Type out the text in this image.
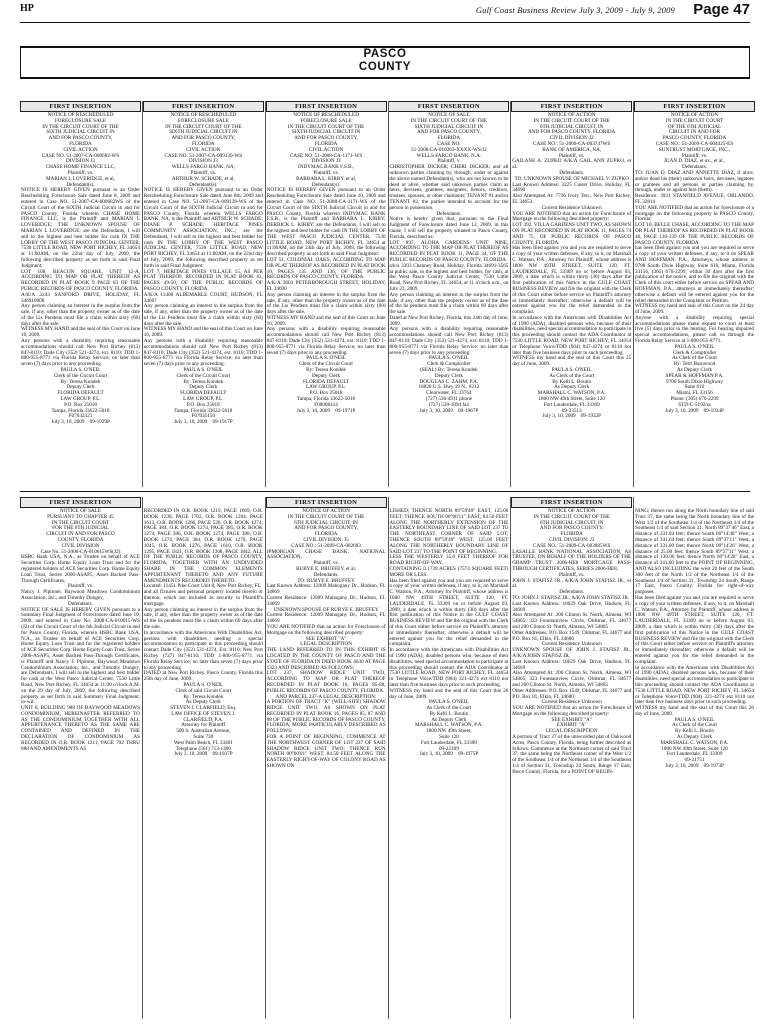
HP	Gulf Coast Business Review July 3, 2009 - July 9, 2009 Page 47
PASCO
COUNTY
FIRST INSERTION
NOTICE OF RESCHEDULED
FORECLOSURE SALE
IN THE CIRCUIT COURT OF THE
SIXTH JUDICIAL CIRCUIT IN
AND FOR PASCO COUNTY,
FLORIDA
CIVIL ACTION
CASE NO. 51-2007-CA-000682-WS
DIVISION J3
CHASE HOME FINANCE LLC,
Plaintiff, vs.
MARIAN L LOVERIDGE, et al,
Defendant(s).
NOTICE IS HEREBY GIVEN pursuant to an Order Rescheduling Foreclosure Sale dated June 8, 2009 and entered in Case NO. 51-2007-CA-000682WS of the Circuit Court of the SIXTH Judicial Circuit in and for PASCO County, Florida wherein CHASE HOME FINANCE LLC, is the Plaintiff and MARIAN L LOVERIDGE; THE UNKNOWN SPOUSE OF MARIAN L LOVERIDGE; are the Defendants, I will sell to the highest and best bidder for cash IN THE LOBBY OF THE WEST PASCO JUDICIAL CENTER, 7530 LITTLE ROAD, NEW PORT RICHEY, FL 34654 at 11:00AM, on the 22nd day of July, 2009, the following described property as set forth in said Final Judgment:
LOT 108, BEACON SQUARE, UNIT 12-A, ACCORDING TO MAP OR PLAT THEREOF AS RECORDED IN PLAT BOOK 9 PAGE 63 OF THE PUBLIC RECORDS OF PASCO COUNTY, FLORIDA.
A/K/A 3243 SANFORD DRIVE, HOLIDAY, FL 346910000
Any person claiming an interest in the surplus from the sale, if any, other than the property owner as of the date of the Lis Pendens must file a claim within sixty (60) days after the sale.
WITNESS MY HAND and the seal of this Court on June 10, 2009.
Any persons with a disability requiring reasonable accommodations should call New Port Richey (813) 847-8110; Dade City (352) 521-4274, ext. 8110; TDD 1-800-955-8771 via Florida Relay Service; no later than seven (7) days prior to any proceeding.
PAULA S. O'NEIL
Clerk of the Circuit Court
By: Teresa Kondek
Deputy Clerk
FLORIDA DEFAULT
LAW GROUP, P.L.
P.O. Box 25018
Tampa, Florida 33622-5018
F07032321
July 3, 10, 2009    09-1929P
FIRST INSERTION
NOTICE OF RESCHEDULED
FORECLOSURE SALE
IN THE CIRCUIT COURT OF THE
SIXTH JUDICIAL CIRCUIT IN
AND FOR PASCO COUNTY,
FLORIDA
CIVIL ACTION
CASE NO. 51-2007-CA-009139-WS
DIVISION J3
WELLS FARGO BANK, NA,
Plaintiff, vs.
ARTHUR W. SCHADE, et al,
Defendant(s).
NOTICE IS HEREBY GIVEN pursuant to an Order Rescheduling Foreclosure Sale dated June 8th, 2009 and entered in Case NO. 51-2007-CA-009139-WS of the Circuit Court of the SIXTH Judicial Circuit in and for PASCO County, Florida wherein WELLS FARGO BANK, NA, is the Plaintiff and ARTHUR W. SCHADE; DIANE P. SCHADE; HERITAGE PINES COMMUNITY ASSOCIATION, INC.; are the Defendants, I will sell to the highest and best bidder for cash IN THE LOBBY OF THE WEST PASCO JUDICIAL CENTER, 7530 LITTLE ROAD, NEW PORT RICHEY, FL 34654 at 11:00AM, on the 22nd day of July, 2009, the following described property as set forth in said Final Judgment:
LOT 7, HERITAGE PINES VILLAGE 15, AS PER PLAT THEREOF, RECORDED IN PLAT BOOK 43, PAGES 49-50, OF THE PUBLIC RECORDS OF PASCO COUNTY, FLORIDA.
A/K/A 11408 ALBEMARLE COURT, HUDSON, FL 34667
Any person claiming an interest in the surplus from the sale, if any, other than the property owner as of the date of the Lis Pendens must file a claim within sixty (60) days after the sale.
WITNESS MY HAND and the seal of this Court on June 10, 2009.
Any persons with a disability requiring reasonable accommodations should call New Port Richey (813) 847-8110; Dade City (352) 521-4274, ext. 8110; TDD 1-800-955-8771 via Florida Relay Service; no later than seven (7) days prior to any proceeding.
PAULA S. O'NEIL
Clerk of the Circuit Court
By: Teresa Kondek
Deputy Clerk
FLORIDA DEFAULT
LAW GROUP, P.L.
P.O. Box 25018
Tampa, Florida 33622-5018
F07035150
July 3, 10, 2009    09-1917P
FIRST INSERTION
NOTICE OF RESCHEDULED
FORECLOSURE SALE
IN THE CIRCUIT COURT OF THE
SIXTH JUDICIAL CIRCUIT IN
AND FOR PASCO COUNTY,
FLORIDA
CIVIL ACTION
CASE NO. 51-2008-CA-1171-WS
DIVISION J3
INDYMAC BANK F.S.B.,
Plaintiff, vs.
BARBARA L. KIRBY, et al,
Defendant(s).
NOTICE IS HEREBY GIVEN pursuant to an Order Rescheduling Foreclosure Sale dated June 10, 2009 and entered in Case NO. 51-2008-CA-1171-WS of the Circuit Court of the SIXTH Judicial Circuit in and for PASCO County, Florida wherein INDYMAC BANK F.S.B., is the Plaintiff and BARBARA L. KIRBY; DERRICK L. KIRBY; are the Defendants, I will sell to the highest and best bidder for cash IN THE LOBBY OF THE WEST PASCO JUDICIAL CENTER, 7530 LITTLE ROAD, NEW PORT RICHEY, FL 34654 at 11:00AM, on the 24th day of July, 2009, the following described property as set forth in said Final Judgment:
LOT 51, COLONIAL OAKS, ACCORDING TO MAP OR PLAT THEREOF AS RECORDED IN PLAT BOOK 10, PAGES 135 AND 136, OF THE PUBLIC RECORDS OF PASCO COUNTY, FLORIDA.
A/K/A 3603 PETERBOROUGH STREET, HOLIDAY, FL 34690
Any person claiming an interest in the surplus from the sale, if any, other than the property owner as of the date of the Lis Pendens must file a claim within sixty (60) days after the sale.
WITNESS MY HAND and the seal of this Court on June 16, 2009.
Any persons with a disability requiring reasonable accommodations should call New Port Richey (813) 847-8110; Dade City (352) 521-4274, ext. 8110; TDD 1-800-955-8771 via Florida Relay Service; no later than seven (7) days prior to any proceeding.
PAULA S. O'NEIL
Clerk of the Circuit Court
By: Teresa Kondek
Deputy Clerk
FLORIDA DEFAULT
LAW GROUP, P.L.
P.O. Box 25018
Tampa, Florida 33622-5018
F08008414
July 3, 10, 2009    09-1971P
FIRST INSERTION
NOTICE OF SALE
IN THE CIRCUIT COURT OF THE
SIXTH JUDICIAL CIRCUIT IN
AND FOR PASCO COUNTY,
FLORIDA
CASE NO.
51-2008-CA-010263-XXXX-WS/J2
WELLS FARGO BANK, N.A.
Plaintiff, v.
CHRISTOPHER DICKER; CHERI DICKER; and all unknown parties claiming by, through, under or against the above named Defendant(s), who are not known to be dead or alive, whether said unknown parties claim as heirs, devisees, grantees, assignees, lienors, creditors, trustees, spouses, or other claimants; TENANT #1 and/or TENANT #2, the parties intended to account for the person in possession.
Defendants.
Notice is hereby given that, pursuant to the Final Judgment of Foreclosure dated June 12, 2009, in this cause, I will sell the property situated in Pasco County, Florida, described as:
LOT 897, ALOHA GARDENS UNIT NINE, ACCORDING TO THE MAP OR PLAT THEREOF AS RECORDED IN PLAT BOOK 11, PAGE 34, OF THE PUBLIC RECORDS OF PASCO COUNTY, FLORIDA.
a/k/a 3303 Channey Road, Holiday, Florida 34691-3565 at public sale, to the highest and best bidder, for cash, at the West Pasco County Judicial Center, 7530 Little Road, New Port Richey, FL 34654, at 11 o'clock a.m., on July 23, 2009.
Any person claiming an interest in the surplus from the sale, if any, other than the property owner as of the date of the lis pendens must file a claim within 60 days after the sale.
Dated at New Port Richey, Florida, this 24th day of June, 2009.
Any persons with a disability requiring reasonable accommodations should call New Port Richey (813) 847-8110; Dade City (352) 521-4274, ext. 8110; TDD 1-800-955-8771 via Florida Relay Service; no later than seven (7) days prior to any proceeding.
PAULA S. O'NEIL
Clerk & Comptroller
(SEAL) By: Teresa Kondek
Deputy Clerk
DOUGLAS C. ZAHM, P.A.
18820 U.S. Hwy 19 N., #212
Clearwater, FL 33764
(727) 536-4911 phone
(727) 539-1094 fax
July 3, 10, 2009    09-1967P
FIRST INSERTION
NOTICE OF ACTION
IN THE CIRCUIT COURT OF THE
6TH JUDICIAL CIRCUIT, IN
AND FOR PASCO COUNTY, FLORIDA
CIVIL DIVISION J2
CASE NO.: 51-2009-CA-003747WS
BANK OF AMERICA, NA,
Plaintiff, vs.
GAILANE A. ZUPKO A/K/A GAIL ANN ZUPKO, et al.
Defendants.
TO: UNKNOWN SPOUSE OF MICHAEL V. ZUPKO
Last Known Address: 3225 Custer Drive, Holiday, FL 34690
Also Attempted At: 7736 Ivory Terr., New Port Richey, FL 34653
Current Residence Unknown
YOU ARE NOTIFIED that an action for Foreclosure of Mortgage on the following described property:
LOT 392, VILLA GARDENS UNIT TWO, AS SHOWN ON PLAT RECORDED IN PLAT BOOK 11, PAGES 74 AND 75, OF PUBLIC RECORDS OF PASCO COUNTY, FLORIDA.
Has been filed against you and you are required to serve a copy of your written defenses, if any, to it, on Marshall C. Watson, P.A., Attorney for Plaintiff, whose address is 1800 NW 49TH STREET, SUITE 120, FT. LAUDERDALE, FL 33309 on or before August 03, 2009, a date which is within thirty (30) days after the first publication of this Notice in the GULF COAST BUSINESS REVIEW and file the original with the Clerk of this Court either before service on Plaintiff's attorney or immediately thereafter; otherwise a default will be entered against you for the relief demanded in the complaint.
In accordance with the Americans with Disabilities Act of 1990 (ADA), disabled persons who, because of their disabilities, need special accommodation to participate in this proceeding should contact the ADA Coordinator at 7530 LITTLE ROAD, NEW PORT RICHEY, FL 34654 or Telephone Voice/TDD (904) 847-4274 or 8110 not later than five business days prior to such proceeding.
WITNESS my hand and the seal of this Court this 25 day of June, 2009.
PAULA S. O'NEIL
As Clerk of the Court
By Kelli L. Boutin
As Deputy Clerk
MARSHALL C. WATSON, P.A.
1800 NW 49th Street, Suite 120
Fort Lauderdale, FL 33309
09-23513
July 3, 10, 2009    09-1932P
FIRST INSERTION
NOTICE OF ACTION
IN THE CIRCUIT COURT
OF THE 6TH JUDICIAL
CIRCUIT IN AND FOR
PASCO COUNTY, FLORIDA
CASE NO.: 51-2009-CA-004425-ES
SUNTRUST MORTGAGE, INC.,
Plaintiff, vs.
JUAN D. DIAZ, et ux., et al.,
Defendants.
TO: JUAN D. DIAZ AND ANNETTE DIAZ, if alive, and/or dead his (their) unknown heirs, devisees, legatees or grantees and all persons or parties claiming by, through, under or against him (them).
Residence: 3931 STANFIELD AVENUE, ORLANDO, FL 32814
YOU ARE NOTIFIED that an action for foreclosure of a mortgage on the following property in PASCO County, Florida:
LOT 10, BELLE CHASE, ACCORDING TO THE MAP OR PLAT THEREOF AS RECORDED IN PLAT BOOK 46, PAGE 136-139 OF THE PUBLIC RECORDS OF PASCO COUNTY, FLORIDA.
has been filed against you and you are required to serve a copy of your written defenses, if any, to it on SPEAR AND HOFFMAN, P.A., Attorneys, whose address is 9700 South Dixie Highway, Suite 610, Miami, Florida 33156, (305) 670-2299, within 30 days after the first publication of the notice, and to file the original with the Clerk of this court either before service on SPEAR AND HOFFMAN, P.A., attorneys or immediately thereafter; otherwise a default will be entered against you for the relief demanded in the Complaint or Petition.
WITNESS my hand and seal of this Court on the 24 day of June, 2009.
Anyone with a disability requiring special accommodations please make request to court at least five (5) days prior to the hearing. For hearing impaired special accommodations, please call us through the Florida Relay Service at 1-800-955-8771.
PAULA S. O'NEIL
Clerk & Comptroller
As Clerk of the Court
By: Terri Barnwood
As Deputy Clerk
SPEAR & HOFFMAN P.A.
9700 South Dixie Highway
Suite 610
Miami, FL 33156
Phone: (305) 670-2299
STD-C-5192/ss
July 3, 10, 2009    09-1934P
FIRST INSERTION
NOTICE OF SALE
PURSUANT TO CHAPTER 45
IN THE CIRCUIT COURT
FOR THE 6TH JUDICIAL
CIRCUIT IN AND FOR PASCO
COUNTY, FLORIDA
CIVIL DIVISION
Case No. 51-2008-CA-010615WS(J2)
HSBC Bank USA, N.A., as Trustee on behalf of ACE Securities Corp. Home Equity Loan Trust and for the registered holders of ACE Securities Corp. Home Equity Loan Trust, Series 2006-ASAP5, Asset Backed Pass-Through Certificates,
Plaintiff, vs.
Nancy J. Pipitone, Baywood Meadows Condominium Association, Inc., and Timothy Dungey,
Defendants.
NOTICE OF SALE IS HEREBY GIVEN pursuant to a Summary Final Judgment of Foreclosure dated June 10, 2009, and entered in Case No. 2008-CA-010615-WS (J2) of the Circuit Court of the 6th Judicial Circuit in and for Pasco County, Florida, wherein HSBC Bank USA, N.A., as Trustee on behalf of ACE Securities Corp. Home Equity Loan Trust and for the registered holders of ACE Securities Corp. Home Equity Loan Trust, Series 2006-ASAP5, Asset Backed Pass-Through Certificates, is Plaintiff and Nancy J. Pipitone, Baywood Meadows Condominium Association, Inc., and Timothy Dungey, are Defendants, I will sell to the highest and best bidder for cash at the West Pasco Judicial Center, 7530 Little Road, New Port Richey, FL 34654 at 11:00 o'clock A.M. on the 29 day of July, 2009, the following described property as set forth in said Summary Final Judgment, to-wit:
UNIT 8, BUILDING 988 OF BAYWOOD MEADOWS CONDOMINIUM, HEREINAFTER REFERRED TO AS THE CONDOMINIUM TOGETHER WITH ALL APPURTENANCE THERETO AS THE SAME ARE CONTAINED AND DEFINED IN THE DECLARATION OF CONDOMINIUM AS RECORDED IN O.R. BOOK 1211, PAGE 792 THRU 888 AND AMENDMENTS AS
RECORDED IN O.R. BOOK 1219, PAGE 1669, O.R. BOOK 1238, PAGE 1702, O.R. BOOK 1264, PAGE 1613, O.R. BOOK 1266, PAGE 526, O.R. BOOK 1274, PAGE 384, O.R. BOOK 1274, PAGE 385, O.R. BOOK 1274, PAGE 386, O.R. BOOK 1274, PAGE 388, O.R. BOOK 1274, PAGE 384, O.R. BOOK 1276, PAGE 1045, O.R. BOOK 1276, PAGE 1610, O.R. BOOK 1295, PAGE 1821, O.R. BOOK 1308, PAGE 1842, ALL OF THE PUBLIC RECORDS OF PASCO COUNTY, FLORIDA, TOGETHER WITH AN UNDIVIDED SHARE IN THE COMMON ELEMENTS APPURTENANT THERETO AND ANY FUTURE AMENDMENTS RECORDED THERETO.
Located: 11451 Pike Court Unit 8, New Port Richey, FL
and all fixtures and personal property located therein or thereon, which are included as security in Plaintiff's mortgage.
Any person claiming an interest in the surplus from the sale, if any, other than the property owner as of the date of the lis pendens must file a claim within 60 days after the sale.
In accordance with the Americans With Disabilities Act, persons with disabilities needing a special accommodation to participate in this proceeding should contact Dade City (352) 521-4274, Ext. 8110; New Port Richey (727) 847-8110; TDD 1-800-955-8771 via Florida Relay Service; no later than seven (7) days prior to any proceeding.
DATED at New Port Richey, Pasco County, Florida this 25th day of June, 2009.
PAULA S. O'NEIL
Clerk of said Circuit Court
By: Teresa Kondek
As Deputy Clerk
STEVEN J. CLARFIELD, Esq.
LAW OFFICE OF STEVEN J.
CLARFIELD, P.A.
Attorney for Plaintiff
500 S. Australian Avenue,
Suite 730
West Palm Beach, FL 33401
Telephone (561) 713-1400
July 3, 10, 2009    09-1937P
FIRST INSERTION
NOTICE OF ACTION
IN THE CIRCUIT COURT OF THE
6TH JUDICIAL CIRCUIT, IN
AND FOR PASCO COUNTY,
FLORIDA
CIVIL DIVISION: J5
CASE NO.: 51-2009-CA-002683
JPMORGAN CHASE BANK, NATIONAL ASSOCIATION,
Plaintiff, vs.
RUBYE E. BRUFFEY, et al.
Defendants.
TO: RUBYE E. BRUFFEY
Last Known Address: 12009 Mahogany Dr., Hudson, FL 34669
Current Residence: 12009 Mahogany Dr., Hudson, FL 34669
UNKNOWN SPOUSE OF RUBYE E. BRUFFEY
Current Residence: 12009 Mahogany Dr., Hudson, FL 34669
YOU ARE NOTIFIED that an action for Foreclosure of Mortgage on the following described property:
SEE EXHIBIT "A"
LEGAL DESCRIPTION
THE LAND REFERRED TO IN THIS EXHIBIT IS LOCATED IN THE COUNTY OF PASCO AND THE STATE OF FLORIDA IN DEED BOOK 4630 AT PAGE 1323 AND DESCRIBED AS FOLLOWS:
LOT 237, SHADOW RIDGE UNIT TWO, ACCORDING TO MAP OR PLAT THEREOF RECORDED IN PLAT BOOK 16, PAGES 85-88, PUBLIC RECORDS OF PASCO COUNTY, FLORIDA.
AND PARCEL 237-A LEGAL DESCRIPTION:
A PORTION OF TRACT "K" (WILL-SITE) SHADOW RIDGE UNIT TWO, AS SHOWN ON PLAT RECORDED IN PLAT BOOK 16, PAGES 85, 87 AND 88 OF THE PUBLIC RECORDS OF PASCO COUNTY, FLORIDA, MORE PARTICULARLY DESCRIBED AS FOLLOWS:
FOR A POINT OF BEGINNING, COMMENCE AT THE NORTHWEST CORNER OF LOT 237 OF SAID SHADOW RIDGE UNIT TWO; THENCE RUN NORTH 00°00'01" WEST, 84.50 FEET ALONG THE EASTERLY RIGHT-OF-WAY OF COLONY ROAD AS SHOWN ON
LISHED; THENCE NORTH 89°59'49" EAST, 125.00 FEET; THENCE SOUTH 00°00'11" EAST, 84.50 FEET ALONG THE NORTHERLY EXTENSION OF THE EASTERLY BOUNDARY LINE OF SAID LOT 237 TO THE NORTHEAST CORNER OF SAID LOT; THENCE SOUTH 89°59'49" WEST, 125.00 FEET ALONG THE NORTHERLY BOUNDARY LINE OF SAID LOT 237 TO THE POINT OF BEGINNING.
LESS THE WESTERLY 35.0 FEET THEREOF FOR ROAD RIGHT-OF-WAY.
CONTAINING 0.1739 ACRES (7574 SQUARE FEET) MORE OR LESS.
Has been filed against you and you are required to serve a copy of your written defenses, if any, to it, on Marshall C. Watson, P.A., Attorney for Plaintiff, whose address is 1800 NW 49TH STREET, SUITE 120, FT. LAUDERDALE, FL 33309 on or before August 03, 2009, a date which is within thirty (30) days after the first publication of this Notice in the GULF COAST BUSINESS REVIEW and file the original with the Clerk of this Court either before service on Plaintiff's attorney or immediately thereafter; otherwise a default will be entered against you for the relief demanded in the complaint.
In accordance with the Americans with Disabilities Act of 1990 (ADA), disabled persons who, because of their disabilities, need special accommodation to participate in this proceeding should contact the ADA Coordinator at 7530 LITTLE ROAD, NEW PORT RICHEY, FL 34654 or Telephone Voice/TDD (904) 321-4274 ext 8110 not later than five business days prior to such proceeding.
WITNESS my hand and the seal of this Court this 26 day of June, 2009.
PAULA S. O'NEIL
As Clerk of the Court
By Kelli L. Boutin
As Deputy Clerk
MARSHALL C. WATSON, P.A.
1800 NW 49th Street,
Suite 120
Fort Lauderdale, FL 33309
09-22109
July 3, 10, 2009    09-1975P
FIRST INSERTION
NOTICE OF ACTION
IN THE CIRCUIT COURT OF THE
6TH JUDICIAL CIRCUIT, IN
AND FOR PASCO COUNTY,
FLORIDA
CIVIL DIVISION: J3
CASE NO.: 51-2009-CA-003885WS
LASALLE BANK NATIONAL ASSOCIATION, AS TRUSTEE, ON BEHALF OF THE HOLDERS OF THE GRAMP TRUST 2006-HE8 MORTGAGE PASS-THROUGH CERTIFICATES, SERIES 2006-HE8,
Plaintiff, vs.
JOHN J. STAFISZ JR., A/K/A JOHN STAFISZ JR., et al.
Defendants.
TO: JOHN J. STAFISZ JR., A/K/A JOHN STAFISZ JR.
Last Known Address: 10629 Oak Drive, Hudson, FL 34669
Also Attempted At: 200 Clinton St. North, Almena, WI 54805; 323 Fountainview Circle, Oldsmar, FL 34677 and 200 Clinton St. North, Almena, WI 54805
Other Addresses: P.O. Box 1549, Oldsmar, FL 34677 and P.O. Box 81, Elkin, FL 34680
Current Residence Unknown
UNKNOWN SPOUSE OF JOHN J. STAFISZ JR., A/K/A JOHN STAFISZ JR.
Last Known Address: 10629 Oak Drive, Hudson, FL 34669
Also Attempted At: 200 Clinton St. North, Almena, WI 54805; 323 Fountainview Circle, Oldsmar, FL 34677 and 200 Clinton St. North, Almena, WI 54805
Other Addresses: P.O. Box 1549, Oldsmar, FL 34677 and P.O. Box 81, Elkin, FL 34680
Current Residence Unknown
YOU ARE NOTIFIED that an action for Foreclosure of Mortgage on the following described property:
SEE EXHIBIT "A"
EXHIBIT "A"
LEGAL DESCRIPTION
A portion of Tract 37 of the unrecorded plat of Oakwood Acres, Pasco County, Florida, being further described as follows: Commence at the Northeast corner of said Tract 37, the same being the Northeast corner of the West 1/2 of the Southeast 1/4 of the Northeast 1/4 of the Southeast 1/4 of Section 31, Township 24 South, Range 17 East, Pasco County, Florida, for a POINT OF BEGIN-
NING; thence run along the North boundary line of said Tract 37, the same being the North boundary line of the West 1/2 of the Southeast 1/4 of the Northeast 1/4 of the Southeast 1/4 of said Section 31, North 89°37'46" East, a distance of 331.04 feet; thence South 00°14'48" West, a distance of 341.64 feet; thence South 89°37'11" West, a distance of 331.00 feet; thence North 00°14'26" West, a distance of 25.00 feet; thence South 89°37'11" West, a distance of 130.00 feet; thence North 00°14'28" East, a distance of 341.60 feet to the POINT OF BEGINNING, AND ALSO INCLUDING the west 20 feet of the South 300 feet of the North 1/2 of the Northeast 1/4 of the Southeast 1/4 of Section 31, Township 24 South, Range 17 East, Pasco County, Florida for right-of-way purposes.
Has been filed against you and you are required to serve a copy of your written defenses, if any, to it, on Marshall C. Watson, P.A., Attorney for Plaintiff, whose address is 1800 NW 49TH STREET, SUITE 120, FT. LAUDERDALE, FL 33309 on or before August 03, 2009, a date which is within thirty (30) days after the first publication of this Notice in the GULF COAST BUSINESS REVIEW and file the original with the Clerk of this Court either before service on Plaintiff's attorney or immediately thereafter; otherwise a default will be entered against you for the relief demanded in the complaint.
In accordance with the Americans with Disabilities Act of 1990 (ADA), disabled persons who, because of their disabilities, need special accommodation to participate in this proceeding should contact the ADA Coordinator at 7530 LITTLE ROAD, NEW PORT RICHEY, FL 34654 or Telephone Voice/TDD (904) 321-4274 ext 8110 not later than five business days prior to such proceeding.
WITNESS my hand and the seal of this Court this 26 day of June, 2009.
PAULA S. O'NEIL
As Clerk of the Court
By Kelli L. Boutin
As Deputy Clerk
MARSHALL C. WATSON, P.A.
1800 NW 49th Street, Suite 120
Fort Lauderdale, FL 33309
09-21751
July 3, 10, 2009    09-1973P
